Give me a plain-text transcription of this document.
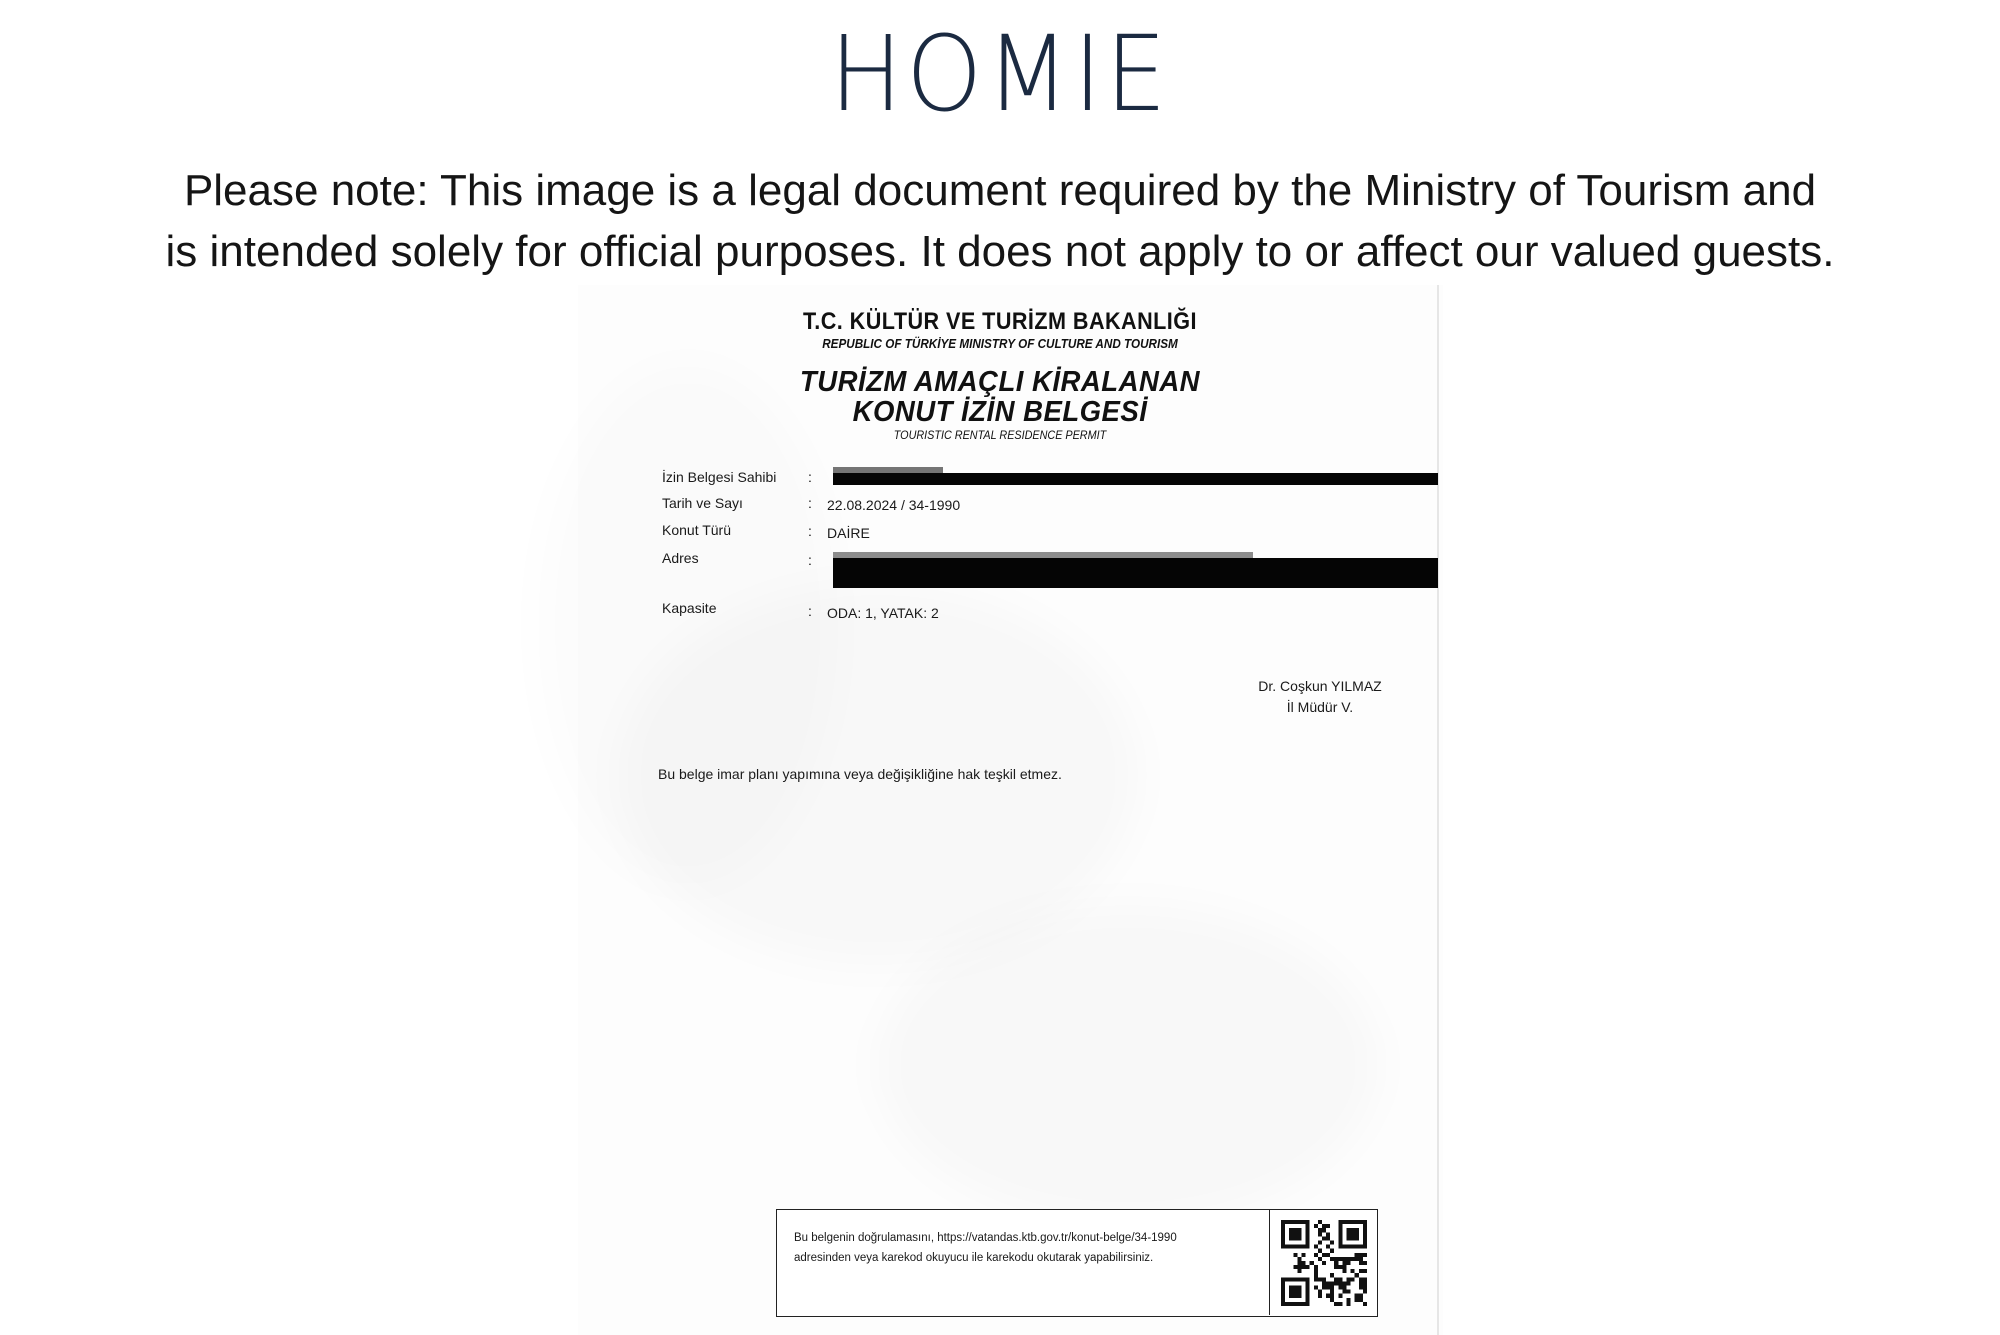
HOMIE
Please note: This image is a legal document required by the Ministry of Tourism and
is intended solely for official purposes. It does not apply to or affect our valued guests.
T.C. KÜLTÜR VE TURİZM BAKANLIĞI
REPUBLIC OF TÜRKİYE MINISTRY OF CULTURE AND TOURISM
TURİZM AMAÇLI KİRALANAN
KONUT İZİN BELGESİ
TOURISTIC RENTAL RESIDENCE PERMIT
İzin Belgesi Sahibi :
Tarih ve Sayı	: 22.08.2024 / 34-1990
Konut Türü	: DAİRE
Adres	:
Kapasite	: ODA: 1, YATAK: 2
Dr. Coşkun YILMAZ
İl Müdür V.
Bu belge imar planı yapımına veya değişikliğine hak teşkil etmez.
Bu belgenin doğrulamasını, https://vatandas.ktb.gov.tr/konut-belge/34-1990
adresinden veya karekod okuyucu ile karekodu okutarak yapabilirsiniz.
